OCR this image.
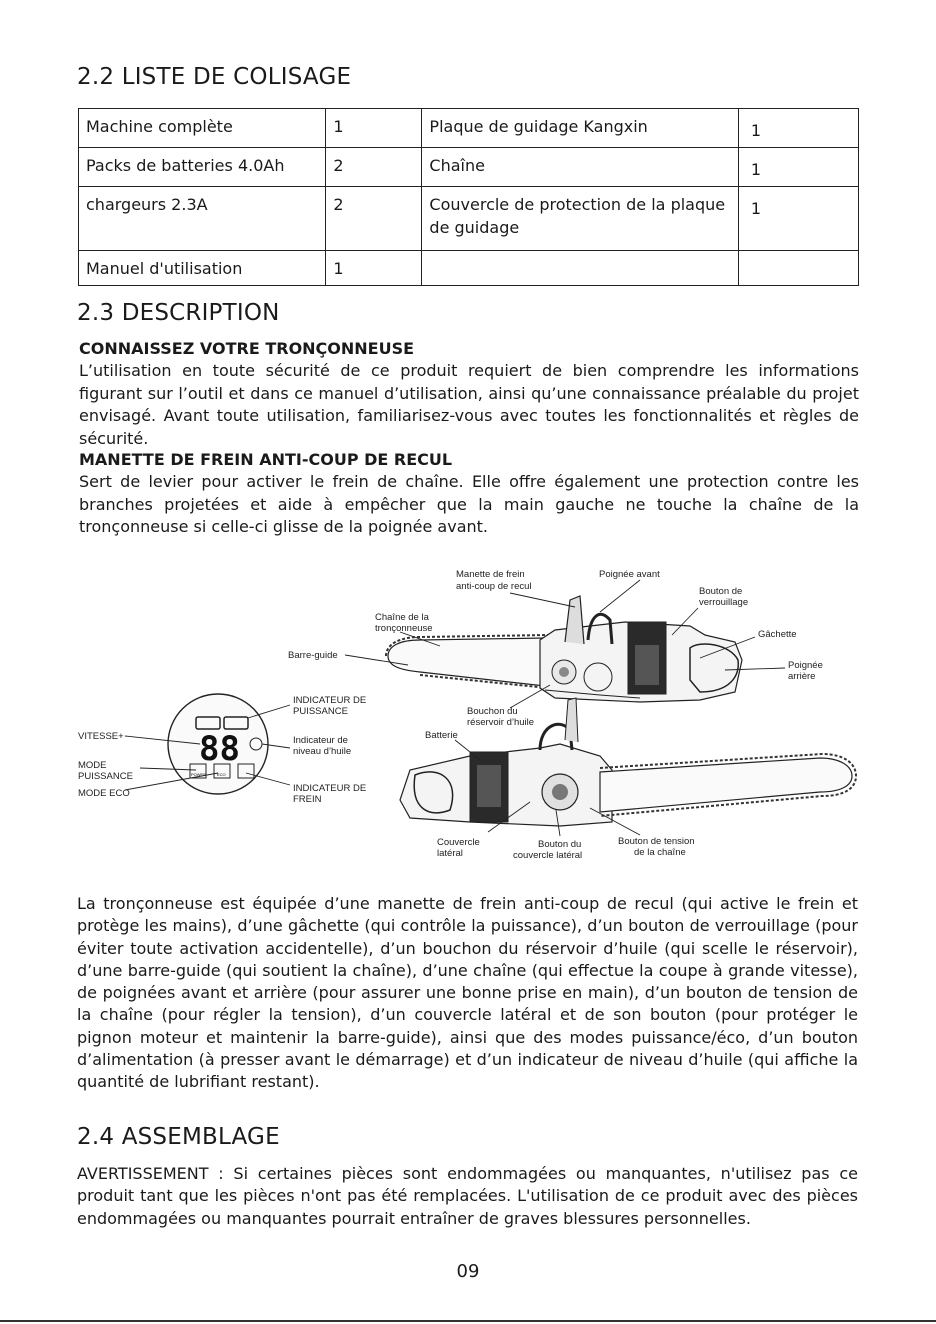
2.2 LISTE DE COLISAGE
Machine complète	1	Plaque de guidage Kangxin	1
Packs de batteries 4.0Ah	2	Chaîne	1
chargeurs 2.3A	2	Couvercle de protection de la plaque de guidage	1
Manuel d'utilisation	1		
2.3 DESCRIPTION

CONNAISSEZ VOTRE TRONÇONNEUSE

L’utilisation en toute sécurité de ce produit requiert de bien comprendre les informations figurant sur l’outil et dans ce manuel d’utilisation, ainsi qu’une connaissance préalable du projet envisagé. Avant toute utilisation, familiarisez-vous avec toutes les fonctionnalités et règles de sécurité.

MANETTE DE FREIN ANTI-COUP DE RECUL

Sert de levier pour activer le frein de chaîne. Elle offre également une protection contre les branches projetées et aide à empêcher que la main gauche ne touche la chaîne de la tronçonneuse si celle-ci glisse de la poignée avant.

88
POWER	ECO
Manette de frein
anti-coup de recul
Poignée avant
Bouton de
verrouillage
Chaîne de la
tronçonneuse
Gâchette
Barre-guide
Poignée
arrière
INDICATEUR DE
PUISSANCE	Bouchon du
réservoir d’huile
Batterie
VITESSE+	Indicateur de
niveau d’huile
MODE
PUISSANCE
MODE ECO	INDICATEUR DE
FREIN
Couvercle
latéral
Bouton du
couvercle latéral
Bouton de tension
de la chaîne

La tronçonneuse est équipée d’une manette de frein anti-coup de recul (qui active le frein et protège les mains), d’une gâchette (qui contrôle la puissance), d’un bouton de verrouillage (pour éviter toute activation accidentelle), d’un bouchon du réservoir d’huile (qui scelle le réservoir), d’une barre-guide (qui soutient la chaîne), d’une chaîne (qui effectue la coupe à grande vitesse), de poignées avant et arrière (pour assurer une bonne prise en main), d’un bouton de tension de la chaîne (pour régler la tension), d’un couvercle latéral et de son bouton (pour protéger le pignon moteur et maintenir la barre-guide), ainsi que des modes puissance/éco, d’un bouton d’alimentation (à presser avant le démarrage) et d’un indicateur de niveau d’huile (qui affiche la quantité de lubrifiant restant).

2.4 ASSEMBLAGE

AVERTISSEMENT : Si certaines pièces sont endommagées ou manquantes, n'utilisez pas ce produit tant que les pièces n'ont pas été remplacées. L'utilisation de ce produit avec des pièces endommagées ou manquantes pourrait entraîner de graves blessures personnelles.

09
